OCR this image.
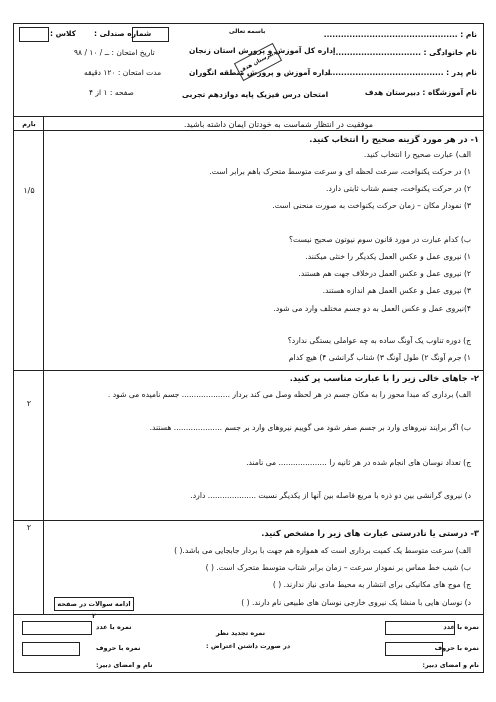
نام : ...............................................
نام خانوادگی : ...............................
نام پدر : .........................................
نام آموزشگاه : دبیرستان هدف
باسمه تعالی
اداره کل آموزش و پرورش استان زنجان
اداره آموزش و پرورش منطقه انگوران
امتحان درس فیزیک پایه دوازدهم تجربی
دبیرستان هدف
شماره صندلی :
کلاس :
تاریخ امتحان : ــ / ۱۰ / ۹۸
مدت امتحان : ۱۲۰ دقیقه
صفحه : ۱ از ۴
بارم	موفقیت در انتظار شماست به خودتان ایمان داشته باشید.
۱- در هر مورد گزینه صحیح را انتخاب کنید.
۱/۵
الف) عبارت صحیح را انتخاب کنید.
۱) در حرکت یکنواخت، سرعت لحظه ای و سرعت متوسط متحرک باهم برابر است.
۲) در حرکت یکنواخت، جسم شتاب ثابتی دارد.
۳) نمودار مکان – زمان حرکت یکنواخت به صورت منحنی است.
ب) کدام عبارت در مورد قانون سوم نیوتون صحیح نیست؟
۱) نیروی عمل و عکس العمل یکدیگر را خنثی میکنند.
۲) نیروی عمل و عکس العمل درخلاف جهت هم هستند.
۳) نیروی عمل و عکس العمل هم اندازه هستند.
۴)نیروی عمل و عکس العمل به دو جسم مختلف وارد می شود.
ج) دوره تناوب یک آونگ ساده به چه عواملی بستگی ندارد؟
۱) جرم آونگ ۲) طول آونگ ۳) شتاب گرانشی ۴) هیچ کدام
۲- جاهای خالی زیر را با عبارت مناسب پر کنید.
۲
الف) برداری که مبدا محور را به مکان جسم در هر لحظه وصل می کند بردار .................... جسم نامیده می شود .
ب) اگر برایند نیروهای وارد بر جسم صفر شود می گوییم نیروهای وارد بر جسم .................... هستند.
ج) تعداد نوسان های انجام شده در هر ثانیه را .................... می نامند.
د) نیروی گرانشی بین دو ذره با مربع فاصله بین آنها از یکدیگر نسبت .................... دارد.
۳- درستی یا نادرستی عبارت های زیر را مشخص کنید.
۲
الف) سرعت متوسط یک کمیت برداری است که همواره هم جهت با بردار جابجایی می باشد.( )
ب) شیب خط مماس بر نمودار سرعت – زمان برابر شتاب متوسط متحرک است. ( )
ج) موج های مکانیکی برای انتشار به محیط مادی نیاز ندارند. ( )
د) نوسان هایی با منشا یک نیروی خارجی نوسان های طبیعی نام دارند. ( )
ادامه سوالات در صفحه ۲
نمره با عدد
نمره با حروف
نام و امضای دبیر:
نمره تجدید نظر
در صورت داشتن اعتراض :
نمره با عدد
نمره با حروف
نام و امضای دبیر:
